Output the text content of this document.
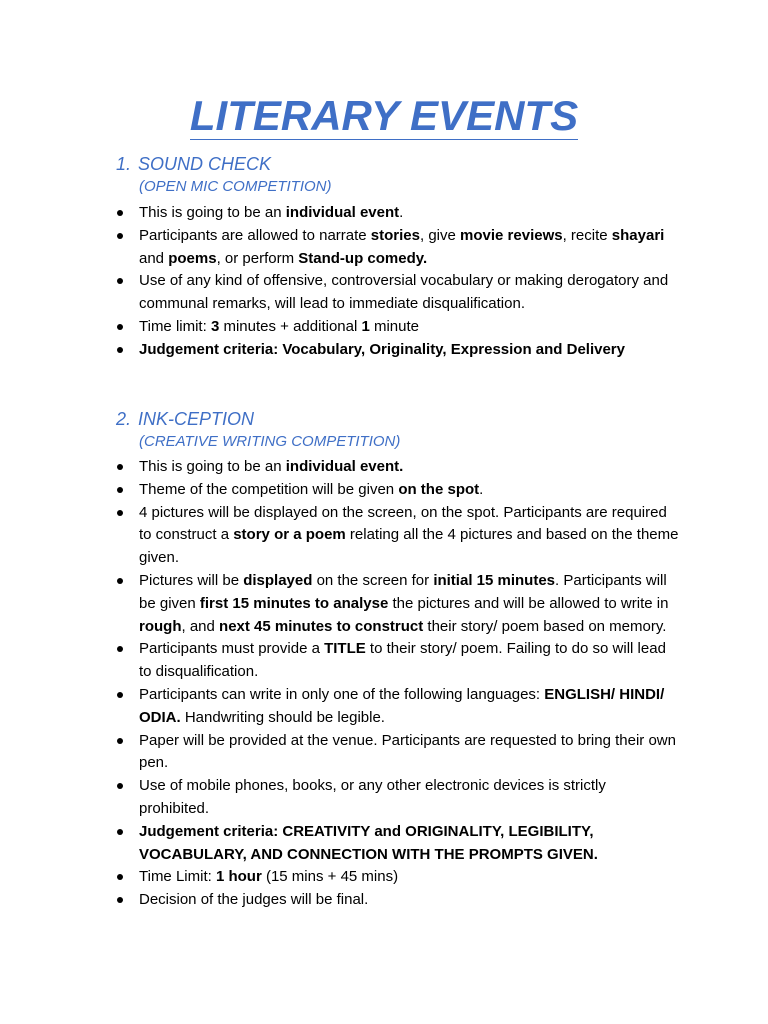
LITERARY EVENTS
1. SOUND CHECK
(OPEN MIC COMPETITION)
This is going to be an individual event.
Participants are allowed to narrate stories, give movie reviews, recite shayari and poems, or perform Stand-up comedy.
Use of any kind of offensive, controversial vocabulary or making derogatory and communal remarks, will lead to immediate disqualification.
Time limit: 3 minutes + additional 1 minute
Judgement criteria: Vocabulary, Originality, Expression and Delivery
2. INK-CEPTION
(CREATIVE WRITING COMPETITION)
This is going to be an individual event.
Theme of the competition will be given on the spot.
4 pictures will be displayed on the screen, on the spot. Participants are required to construct a story or a poem relating all the 4 pictures and based on the theme given.
Pictures will be displayed on the screen for initial 15 minutes. Participants will be given first 15 minutes to analyse the pictures and will be allowed to write in rough, and next 45 minutes to construct their story/ poem based on memory.
Participants must provide a TITLE to their story/ poem. Failing to do so will lead to disqualification.
Participants can write in only one of the following languages: ENGLISH/ HINDI/ ODIA. Handwriting should be legible.
Paper will be provided at the venue. Participants are requested to bring their own pen.
Use of mobile phones, books, or any other electronic devices is strictly prohibited.
Judgement criteria: CREATIVITY and ORIGINALITY, LEGIBILITY, VOCABULARY, AND CONNECTION WITH THE PROMPTS GIVEN.
Time Limit: 1 hour (15 mins + 45 mins)
Decision of the judges will be final.
